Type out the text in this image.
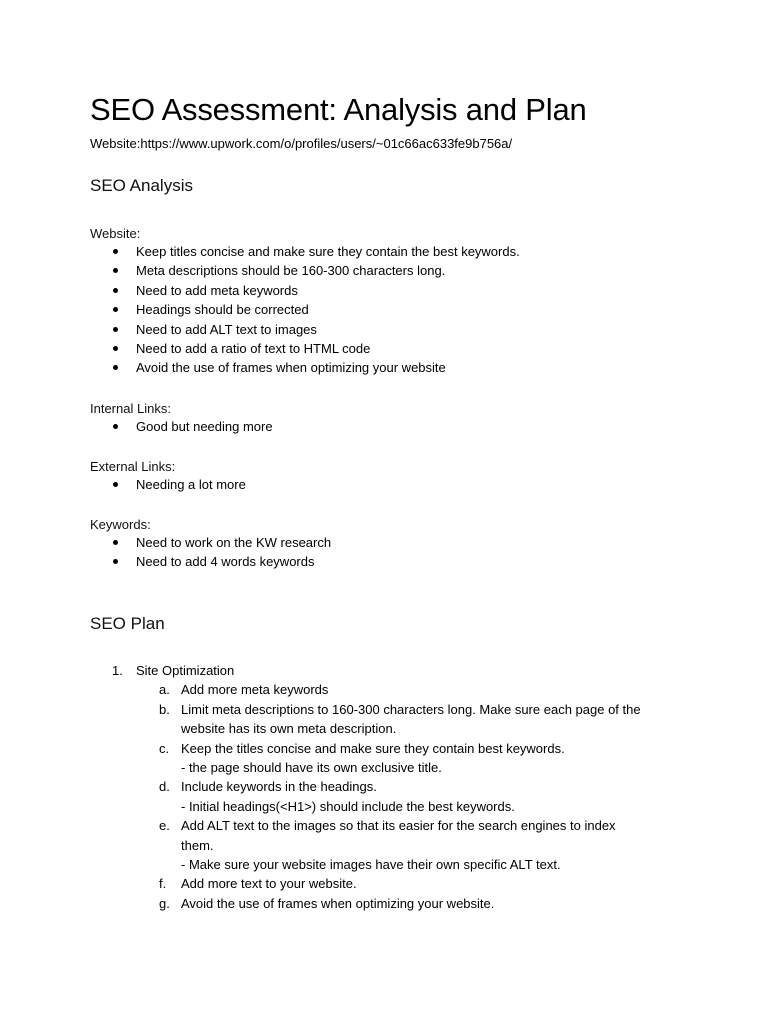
SEO Assessment: Analysis and Plan
Website:https://www.upwork.com/o/profiles/users/~01c66ac633fe9b756a/
SEO Analysis
Website:
Keep titles concise and make sure they contain the best keywords.
Meta descriptions should be 160-300 characters long.
Need to add meta keywords
Headings should be corrected
Need to add ALT text to images
Need to add a ratio of text to HTML code
Avoid the use of frames when optimizing your website
Internal Links:
Good but needing more
External Links:
Needing a lot more
Keywords:
Need to work on the KW research
Need to add 4 words keywords
SEO Plan
1. Site Optimization
a. Add more meta keywords
b. Limit meta descriptions to 160-300 characters long. Make sure each page of the website has its own meta description.
c. Keep the titles concise and make sure they contain best keywords.
- the page should have its own exclusive title.
d. Include keywords in the headings.
- Initial headings(<H1>) should include the best keywords.
e. Add ALT text to the images so that its easier for the search engines to index them.
- Make sure your website images have their own specific ALT text.
f.	Add more text to your website.
g. Avoid the use of frames when optimizing your website.
